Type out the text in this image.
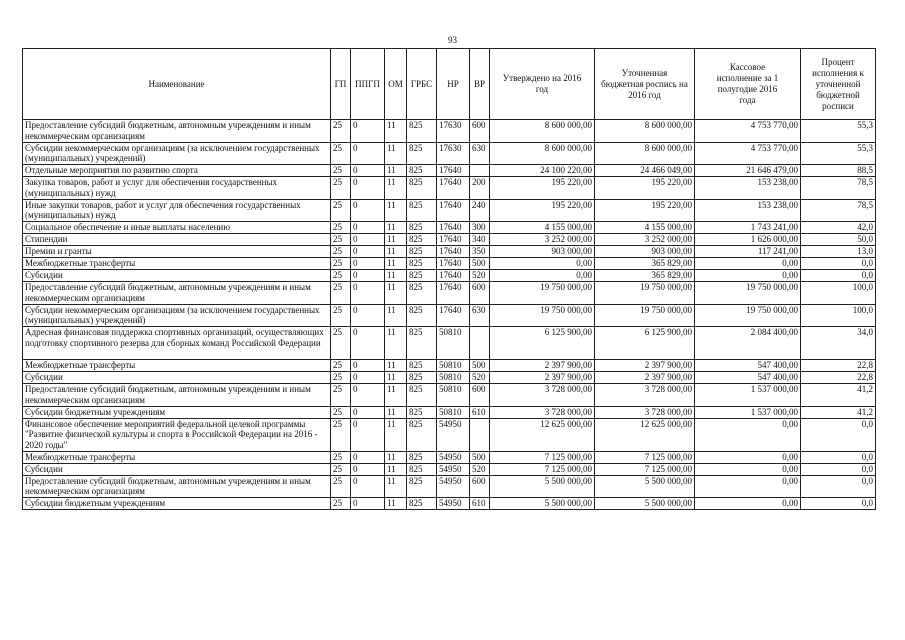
93
Наименование	ГП	ППГП	ОМ	ГРБС	НР	ВР	Утверждено на 2016 год	Уточненная бюджетная роспись на 2016 год	Кассовое исполнение за 1 полугодие 2016 года	Процент исполнения к уточненной бюджетной росписи
Предоставление субсидий бюджетным, автономным учреждениям и иным некоммерческим организациям	25	0	11	825	17630	600	8 600 000,00	8 600 000,00	4 753 770,00	55,3
Субсидии некоммерческим организациям (за исключением государственных (муниципальных) учреждений)	25	0	11	825	17630	630	8 600 000,00	8 600 000,00	4 753 770,00	55,3
Отдельные мероприятия по развитию спорта	25	0	11	825	17640		24 100 220,00	24 466 049,00	21 646 479,00	88,5
Закупка товаров, работ и услуг для обеспечения государственных (муниципальных) нужд	25	0	11	825	17640	200	195 220,00	195 220,00	153 238,00	78,5
Иные закупки товаров, работ и услуг для обеспечения государственных (муниципальных) нужд	25	0	11	825	17640	240	195 220,00	195 220,00	153 238,00	78,5
Социальное обеспечение и иные выплаты населению	25	0	11	825	17640	300	4 155 000,00	4 155 000,00	1 743 241,00	42,0
Стипендии	25	0	11	825	17640	340	3 252 000,00	3 252 000,00	1 626 000,00	50,0
Премии и гранты	25	0	11	825	17640	350	903 000,00	903 000,00	117 241,00	13,0
Межбюджетные трансферты	25	0	11	825	17640	500	0,00	365 829,00	0,00	0,0
Субсидии	25	0	11	825	17640	520	0,00	365 829,00	0,00	0,0
Предоставление субсидий бюджетным, автономным учреждениям и иным некоммерческим организациям	25	0	11	825	17640	600	19 750 000,00	19 750 000,00	19 750 000,00	100,0
Субсидии некоммерческим организациям (за исключением государственных (муниципальных) учреждений)	25	0	11	825	17640	630	19 750 000,00	19 750 000,00	19 750 000,00	100,0
Адресная финансовая поддержка спортивных организаций, осуществляющих подготовку спортивного резерва для сборных команд Российской Федерации	25	0	11	825	50810		6 125 900,00	6 125 900,00	2 084 400,00	34,0
Межбюджетные трансферты	25	0	11	825	50810	500	2 397 900,00	2 397 900,00	547 400,00	22,8
Субсидии	25	0	11	825	50810	520	2 397 900,00	2 397 900,00	547 400,00	22,8
Предоставление субсидий бюджетным, автономным учреждениям и иным некоммерческим организациям	25	0	11	825	50810	600	3 728 000,00	3 728 000,00	1 537 000,00	41,2
Субсидии бюджетным учреждениям	25	0	11	825	50810	610	3 728 000,00	3 728 000,00	1 537 000,00	41,2
Финансовое обеспечение мероприятий федеральной целевой программы "Развитие физической культуры и спорта в Российской Федерации на 2016 - 2020 годы"	25	0	11	825	54950		12 625 000,00	12 625 000,00	0,00	0,0
Межбюджетные трансферты	25	0	11	825	54950	500	7 125 000,00	7 125 000,00	0,00	0,0
Субсидии	25	0	11	825	54950	520	7 125 000,00	7 125 000,00	0,00	0,0
Предоставление субсидий бюджетным, автономным учреждениям и иным некоммерческим организациям	25	0	11	825	54950	600	5 500 000,00	5 500 000,00	0,00	0,0
Субсидии бюджетным учреждениям	25	0	11	825	54950	610	5 500 000,00	5 500 000,00	0,00	0,0
